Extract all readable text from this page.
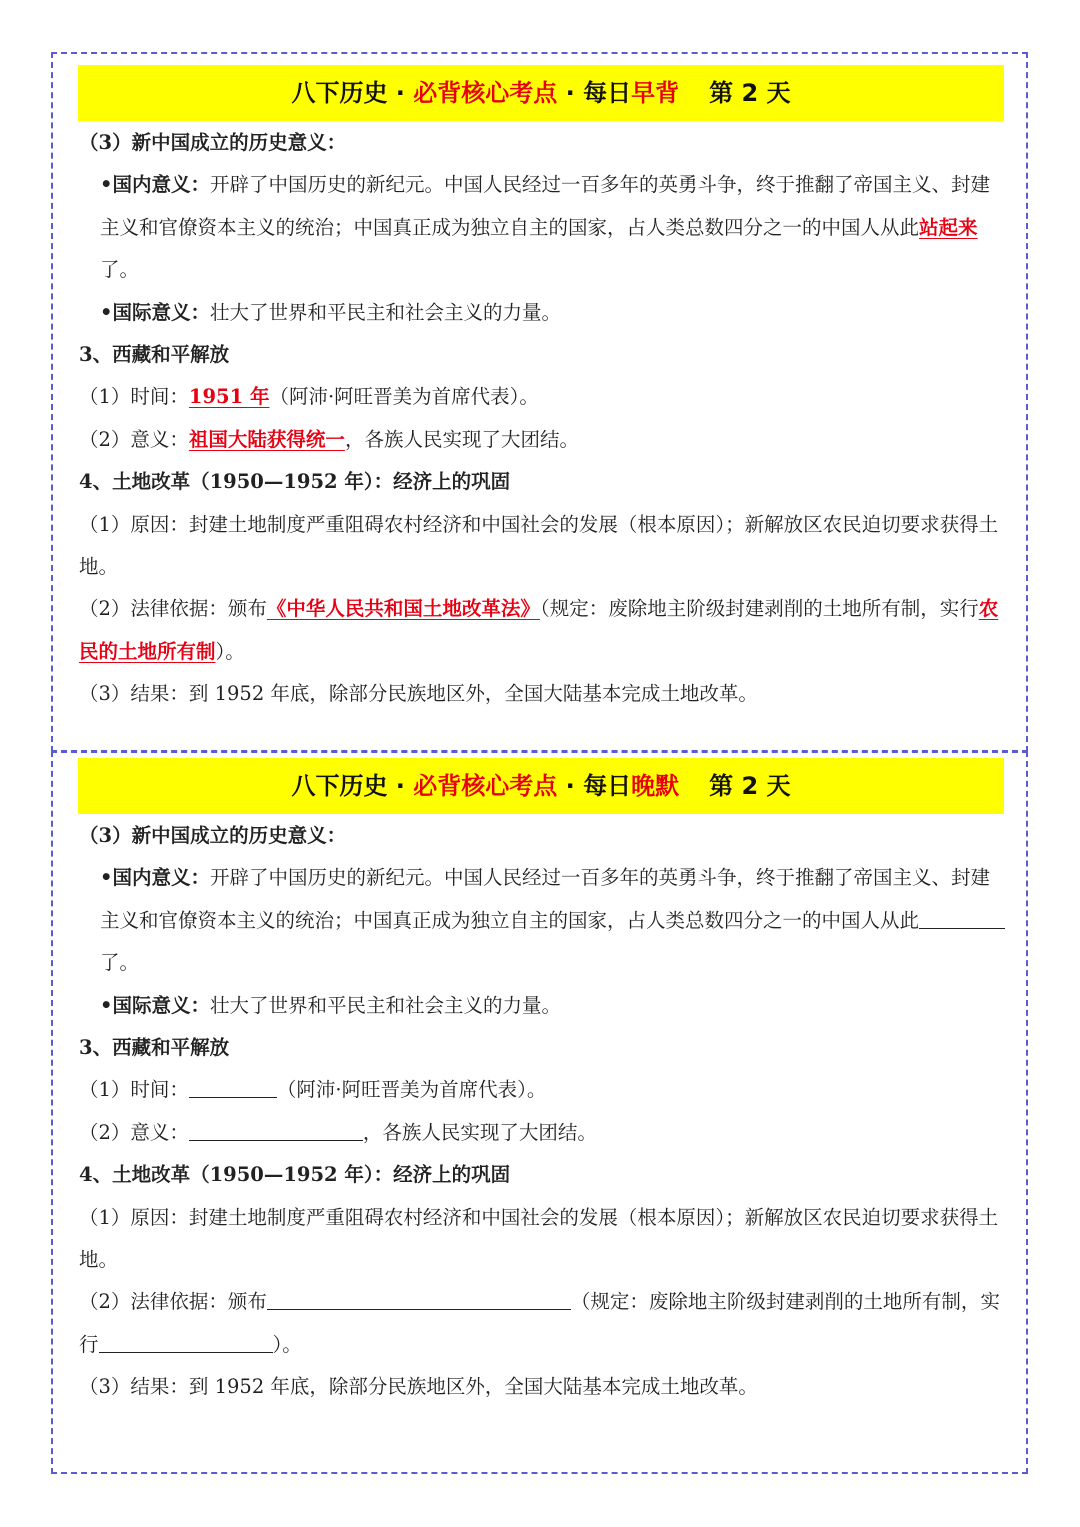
八下历史 · 必背核心考点 · 每日早背 第 2 天

（3）新中国成立的历史意义：

•国内意义：开辟了中国历史的新纪元。中国人民经过一百多年的英勇斗争，终于推翻了帝国主义、封建主义和官僚资本主义的统治；中国真正成为独立自主的国家，占人类总数四分之一的中国人从此站起来了。

•国际意义：壮大了世界和平民主和社会主义的力量。

3、西藏和平解放

（1）时间：1951 年（阿沛·阿旺晋美为首席代表）。

（2）意义：祖国大陆获得统一，各族人民实现了大团结。

4、土地改革（1950—1952 年）：经济上的巩固

（1）原因：封建土地制度严重阻碍农村经济和中国社会的发展（根本原因）；新解放区农民迫切要求获得土地。

（2）法律依据：颁布《中华人民共和国土地改革法》（规定：废除地主阶级封建剥削的土地所有制，实行农民的土地所有制）。

（3）结果：到 1952 年底，除部分民族地区外，全国大陆基本完成土地改革。

八下历史 · 必背核心考点 · 每日晚默 第 2 天

（3）新中国成立的历史意义：

•国内意义：开辟了中国历史的新纪元。中国人民经过一百多年的英勇斗争，终于推翻了帝国主义、封建主义和官僚资本主义的统治；中国真正成为独立自主的国家，占人类总数四分之一的中国人从此了。

•国际意义：壮大了世界和平民主和社会主义的力量。

3、西藏和平解放

（1）时间：	（阿沛·阿旺晋美为首席代表）。

（2）意义：	，各族人民实现了大团结。

4、土地改革（1950—1952 年）：经济上的巩固

（1）原因：封建土地制度严重阻碍农村经济和中国社会的发展（根本原因）；新解放区农民迫切要求获得土地。

（2）法律依据：颁布	（规定：废除地主阶级封建剥削的土地所有制，实行	）。

（3）结果：到 1952 年底，除部分民族地区外，全国大陆基本完成土地改革。
